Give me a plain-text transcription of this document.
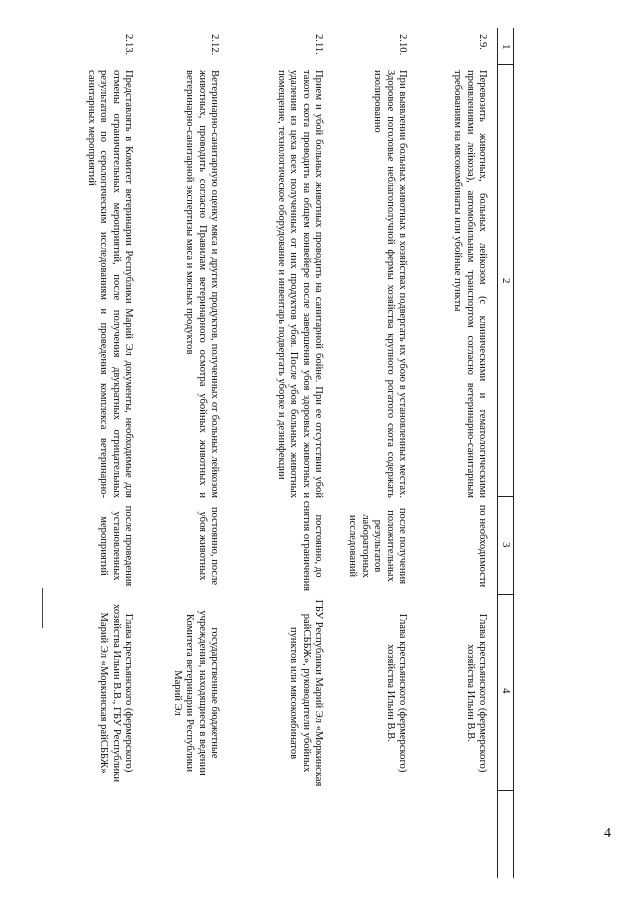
4
1
2
3
4
2.9.
Перевозить животных, больных лейкозом (с клиническими и гематологическими проявлениями лейкоза), автомобильным транспортом согласно ветеринарно-санитарным требованиям на мясокомбинаты или убойные пункты
по необходимости
Глава крестьянского (фермерского) хозяйства Ильин В.В.
2.10.
При выявлении больных животных в хозяйствах подвергать их убою в установленных местах. Здоровое поголовье неблагополучной фермы хозяйства крупного рогатого скота содержать изолированно
после получения положительных результатов лабораторных исследований
Глава крестьянского (фермерского) хозяйства Ильин В.В.
2.11.
Прием и убой больных животных проводить на санитарной бойне. При ее отсутствии убой такого скота проводить на общем конвейере после завершения убоя здоровых животных и удаления из цеха всех полученных от них продуктов убоя. После убоя больных животных помещение, технологическое оборудование и инвентарь подвергать уборке и дезинфекции
постоянно, до снятия ограничения
ГБУ Республики Марий Эл «Моркинская райСББЖ», руководители убойных пунктов или мясокомбинатов
2.12.
Ветеринарно-санитарную оценку мяса и других продуктов, полученных от больных лейкозом животных, проводить согласно Правилам ветеринарного осмотра убойных животных и ветеринарно-санитарной экспертизы мяса и мясных продуктов
постоянно, после убоя животных
государственные бюджетные учреждения, находящиеся в ведении Комитета ветеринарии Республики Марий Эл
2.13.
Представлять в Комитет ветеринарии Республики Марий Эл документы, необходимые для отмены ограничительных мероприятий, после получения двукратных отрицательных результатов по серологическим исследованиям и проведения комплекса ветеринарно-санитарных мероприятий
после проведения установленных мероприятий
Глава крестьянского (фермерского) хозяйства Ильин В.В., ГБУ Республики Марий Эл «Моркинская райСББЖ»
